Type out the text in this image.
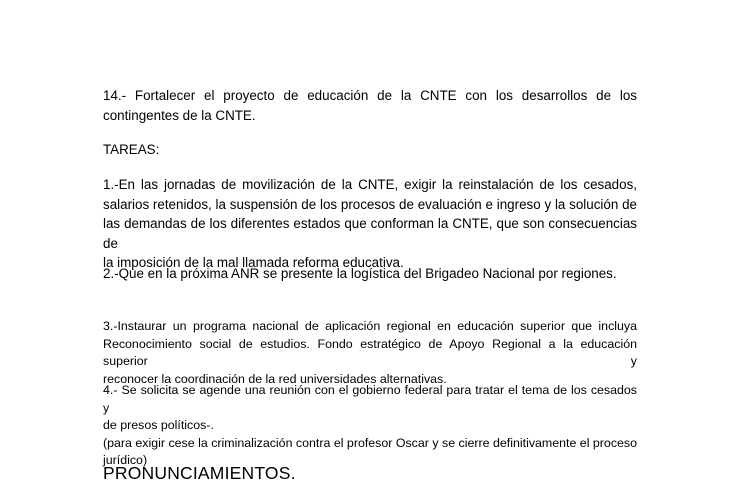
14.- Fortalecer el proyecto de educación de la CNTE con los desarrollos de los
contingentes de la CNTE.
TAREAS:
1.-En las jornadas de movilización de la CNTE, exigir la reinstalación de los cesados,
salarios retenidos, la suspensión de los procesos de evaluación e ingreso y la solución de
las demandas de los diferentes estados que conforman la CNTE, que son consecuencias de
la imposición de la mal llamada reforma educativa.
2.-Que en la próxima ANR se presente la logística del Brigadeo Nacional por regiones.
3.-Instaurar un programa nacional de aplicación regional en educación superior que incluya
Reconocimiento social de estudios. Fondo estratégico de Apoyo Regional a la educación superior y
reconocer la coordinación de la red universidades alternativas.
4.- Se solicita se agende una reunión con el gobierno federal para tratar el tema de los cesados y
de presos políticos-.
(para exigir cese la criminalización contra el profesor Oscar y se cierre definitivamente el proceso
jurídico)
PRONUNCIAMIENTOS.
